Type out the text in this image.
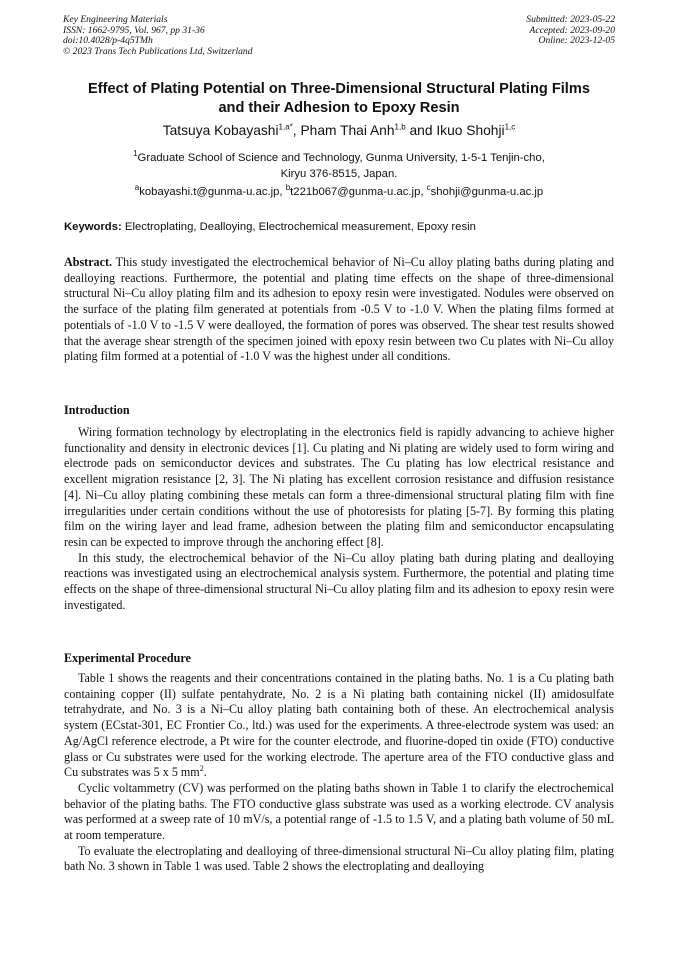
Key Engineering Materials
ISSN: 1662-9795, Vol. 967, pp 31-36
doi:10.4028/p-4q5TMh
© 2023 Trans Tech Publications Ltd, Switzerland
Submitted: 2023-05-22
Accepted: 2023-09-20
Online: 2023-12-05
Effect of Plating Potential on Three-Dimensional Structural Plating Films
and their Adhesion to Epoxy Resin
Tatsuya Kobayashi$^{1,a*}$, Pham Thai Anh$^{1,b}$ and Ikuo Shohji$^{1,c}$
$^1$Graduate School of Science and Technology, Gunma University, 1-5-1 Tenjin-cho,
Kiryu 376-8515, Japan.
$^a$kobayashi.t@gunma-u.ac.jp, $^b$t221b067@gunma-u.ac.jp, $^c$shohji@gunma-u.ac.jp
Keywords: Electroplating, Dealloying, Electrochemical measurement, Epoxy resin

Abstract. This study investigated the electrochemical behavior of Ni–Cu alloy plating baths during plating and dealloying reactions. Furthermore, the potential and plating time effects on the shape of three-dimensional structural Ni–Cu alloy plating film and its adhesion to epoxy resin were investigated. Nodules were observed on the surface of the plating film generated at potentials from -0.5 V to -1.0 V. When the plating films formed at potentials of -1.0 V to -1.5 V were dealloyed, the formation of pores was observed. The shear test results showed that the average shear strength of the specimen joined with epoxy resin between two Cu plates with Ni–Cu alloy plating film formed at a potential of -1.0 V was the highest under all conditions.

Introduction

Wiring formation technology by electroplating in the electronics field is rapidly advancing to achieve higher functionality and density in electronic devices [1]. Cu plating and Ni plating are widely used to form wiring and electrode pads on semiconductor devices and substrates. The Cu plating has low electrical resistance and excellent migration resistance [2, 3]. The Ni plating has excellent corrosion resistance and diffusion resistance [4]. Ni–Cu alloy plating combining these metals can form a three-dimensional structural plating film with fine irregularities under certain conditions without the use of photoresists for plating [5-7]. By forming this plating film on the wiring layer and lead frame, adhesion between the plating film and semiconductor encapsulating resin can be expected to improve through the anchoring effect [8].

In this study, the electrochemical behavior of the Ni–Cu alloy plating bath during plating and dealloying reactions was investigated using an electrochemical analysis system. Furthermore, the potential and plating time effects on the shape of three-dimensional structural Ni–Cu alloy plating film and its adhesion to epoxy resin were investigated.

Experimental Procedure

Table 1 shows the reagents and their concentrations contained in the plating baths. No. 1 is a Cu plating bath containing copper (II) sulfate pentahydrate, No. 2 is a Ni plating bath containing nickel (II) amidosulfate tetrahydrate, and No. 3 is a Ni–Cu alloy plating bath containing both of these. An electrochemical analysis system (ECstat-301, EC Frontier Co., ltd.) was used for the experiments. A three-electrode system was used: an Ag/AgCl reference electrode, a Pt wire for the counter electrode, and fluorine-doped tin oxide (FTO) conductive glass or Cu substrates were used for the working electrode. The aperture area of the FTO conductive glass and Cu substrates was 5 x 5 $mm^2$.

Cyclic voltammetry (CV) was performed on the plating baths shown in Table 1 to clarify the electrochemical behavior of the plating baths. The FTO conductive glass substrate was used as a working electrode. CV analysis was performed at a sweep rate of 10 mV/s, a potential range of -1.5 to 1.5 V, and a plating bath volume of 50 mL at room temperature.

To evaluate the electroplating and dealloying of three-dimensional structural Ni–Cu alloy plating film, plating bath No. 3 shown in Table 1 was used. Table 2 shows the electroplating and dealloying
